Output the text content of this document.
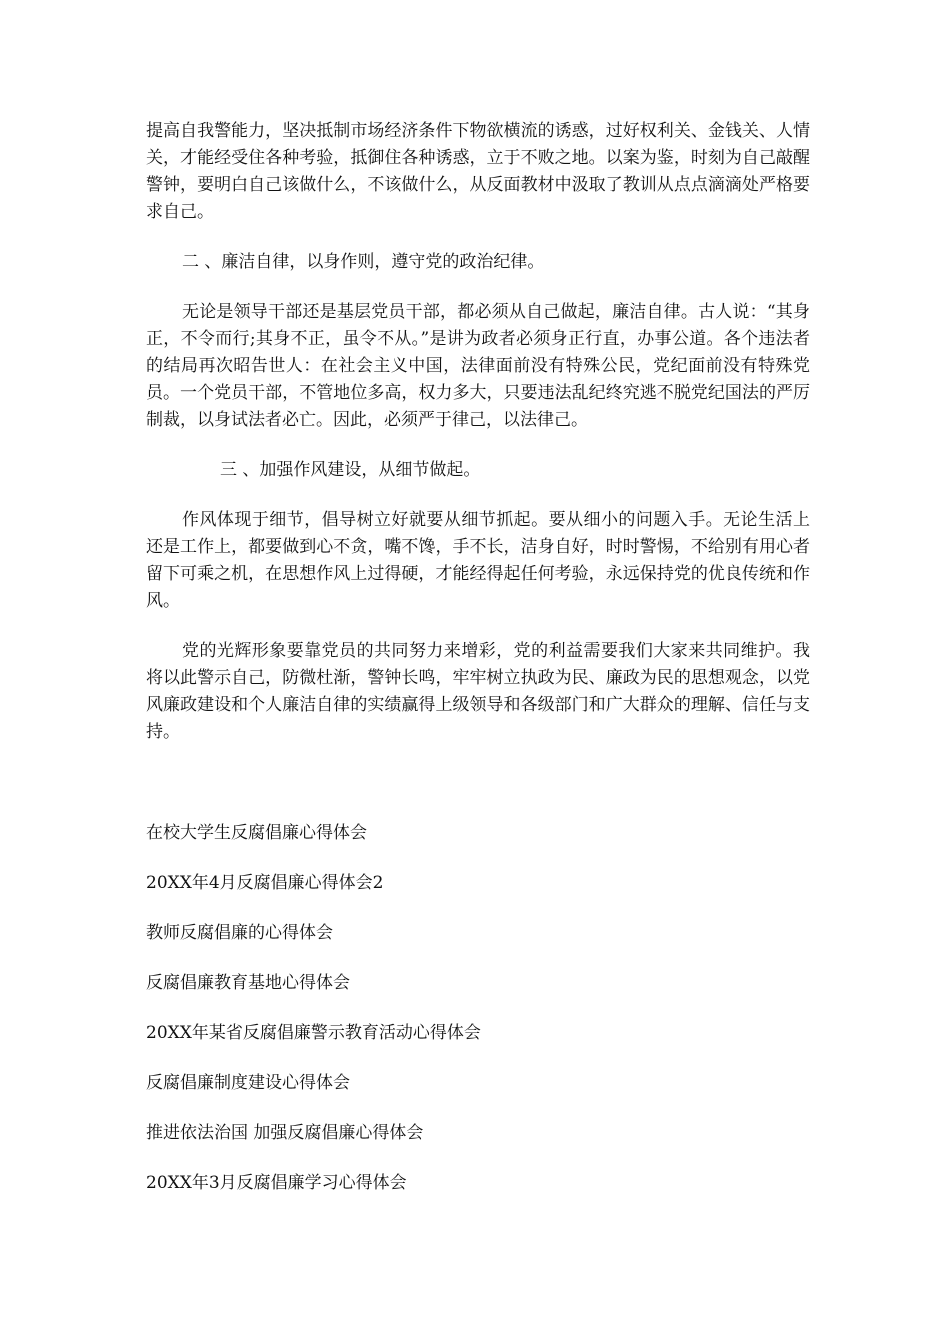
提高自我警能力，坚决抵制市场经济条件下物欲横流的诱惑，过好权利关、金钱关、人情关，才能经受住各种考验，抵御住各种诱惑，立于不败之地。以案为鉴，时刻为自己敲醒警钟，要明白自己该做什么，不该做什么，从反面教材中汲取了教训从点点滴滴处严格要求自己。

二 、廉洁自律，以身作则，遵守党的政治纪律。

无论是领导干部还是基层党员干部，都必须从自己做起，廉洁自律。古人说：“其身正，不令而行;其身不正，虽令不从。”是讲为政者必须身正行直，办事公道。各个违法者的结局再次昭告世人：在社会主义中国，法律面前没有特殊公民，党纪面前没有特殊党员。一个党员干部，不管地位多高，权力多大，只要违法乱纪终究逃不脱党纪国法的严厉制裁，以身试法者必亡。因此，必须严于律己，以法律己。

三 、加强作风建设，从细节做起。

作风体现于细节，倡导树立好就要从细节抓起。要从细小的问题入手。无论生活上还是工作上，都要做到心不贪，嘴不馋，手不长，洁身自好，时时警惕，不给别有用心者留下可乘之机，在思想作风上过得硬，才能经得起任何考验，永远保持党的优良传统和作风。

党的光辉形象要靠党员的共同努力来增彩，党的利益需要我们大家来共同维护。我将以此警示自己，防微杜渐，警钟长鸣，牢牢树立执政为民、廉政为民的思想观念，以党风廉政建设和个人廉洁自律的实绩赢得上级领导和各级部门和广大群众的理解、信任与支持。

在校大学生反腐倡廉心得体会
20XX年4月反腐倡廉心得体会2
教师反腐倡廉的心得体会
反腐倡廉教育基地心得体会
20XX年某省反腐倡廉警示教育活动心得体会
反腐倡廉制度建设心得体会
推进依法治国 加强反腐倡廉心得体会
20XX年3月反腐倡廉学习心得体会
